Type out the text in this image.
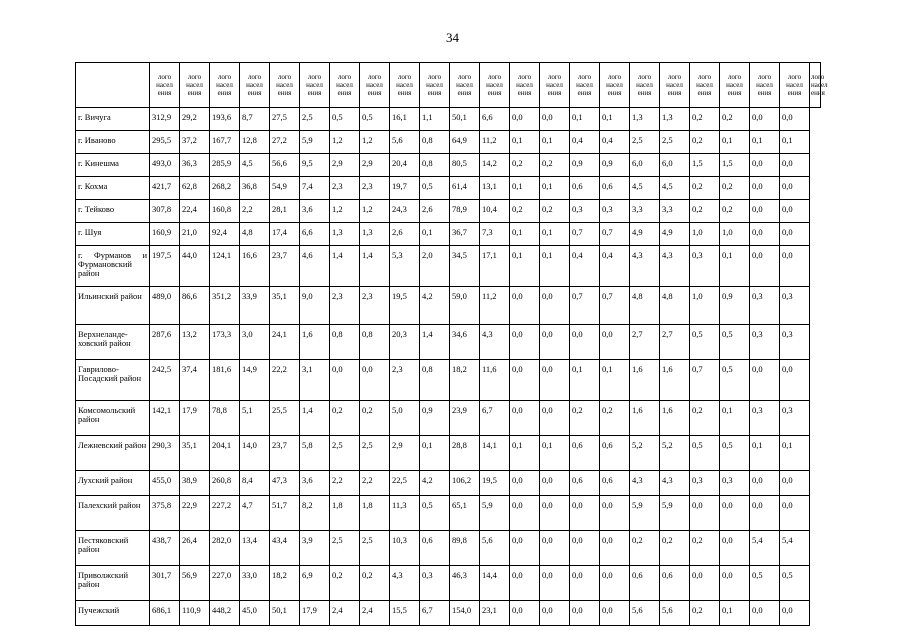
34
	лого насел ения	лого насел ения	лого насел ения	лого насел ения	лого насел ения	лого насел ения	лого насел ения	лого насел ения	лого насел ения	лого насел ения	лого насел ения	лого насел ения	лого насел ения	лого насел ения	лого насел ения	лого насел ения	лого насел ения	лого насел ения	лого насел ения	лого насел ения	лого насел ения	лого насел ения	лого насел ения
г. Вичуга	312,9	29,2	193,6	8,7	27,5	2,5	0,5	0,5	16,1	1,1	50,1	6,6	0,0	0,0	0,1	0,1	1,3	1,3	0,2	0,2	0,0	0,0	
г. Иваново	295,5	37,2	167,7	12,8	27,2	5,9	1,2	1,2	5,6	0,8	64,9	11,2	0,1	0,1	0,4	0,4	2,5	2,5	0,2	0,1	0,1	0,1	
г. Кинешма	493,0	36,3	285,9	4,5	56,6	9,5	2,9	2,9	20,4	0,8	80,5	14,2	0,2	0,2	0,9	0,9	6,0	6,0	1,5	1,5	0,0	0,0	
г. Кохма	421,7	62,8	268,2	36,8	54,9	7,4	2,3	2,3	19,7	0,5	61,4	13,1	0,1	0,1	0,6	0,6	4,5	4,5	0,2	0,2	0,0	0,0	
г. Тейково	307,8	22,4	160,8	2,2	28,1	3,6	1,2	1,2	24,3	2,6	78,9	10,4	0,2	0,2	0,3	0,3	3,3	3,3	0,2	0,2	0,0	0,0	
г. Шуя	160,9	21,0	92,4	4,8	17,4	6,6	1,3	1,3	2,6	0,1	36,7	7,3	0,1	0,1	0,7	0,7	4,9	4,9	1,0	1,0	0,0	0,0	
г. Фурманов и Фурмановский район	197,5	44,0	124,1	16,6	23,7	4,6	1,4	1,4	5,3	2,0	34,5	17,1	0,1	0,1	0,4	0,4	4,3	4,3	0,3	0,1	0,0	0,0	
Ильинский район	489,0	86,6	351,2	33,9	35,1	9,0	2,3	2,3	19,5	4,2	59,0	11,2	0,0	0,0	0,7	0,7	4,8	4,8	1,0	0,9	0,3	0,3	
Верхнеланде-ховский район	287,6	13,2	173,3	3,0	24,1	1,6	0,8	0,8	20,3	1,4	34,6	4,3	0,0	0,0	0,0	0,0	2,7	2,7	0,5	0,5	0,3	0,3	
Гаврилово-Посадский район	242,5	37,4	181,6	14,9	22,2	3,1	0,0	0,0	2,3	0,8	18,2	11,6	0,0	0,0	0,1	0,1	1,6	1,6	0,7	0,5	0,0	0,0	
Комсомольский район	142,1	17,9	78,8	5,1	25,5	1,4	0,2	0,2	5,0	0,9	23,9	6,7	0,0	0,0	0,2	0,2	1,6	1,6	0,2	0,1	0,3	0,3	
Лежневский район	290,3	35,1	204,1	14,0	23,7	5,8	2,5	2,5	2,9	0,1	28,8	14,1	0,1	0,1	0,6	0,6	5,2	5,2	0,5	0,5	0,1	0,1	
Лухский район	455,0	38,9	260,8	8,4	47,3	3,6	2,2	2,2	22,5	4,2	106,2	19,5	0,0	0,0	0,6	0,6	4,3	4,3	0,3	0,3	0,0	0,0	
Палехский район	375,8	22,9	227,2	4,7	51,7	8,2	1,8	1,8	11,3	0,5	65,1	5,9	0,0	0,0	0,0	0,0	5,9	5,9	0,0	0,0	0,0	0,0	
Пестяковский район	438,7	26,4	282,0	13,4	43,4	3,9	2,5	2,5	10,3	0,6	89,8	5,6	0,0	0,0	0,0	0,0	0,2	0,2	0,2	0,0	5,4	5,4	
Приволжский район	301,7	56,9	227,0	33,0	18,2	6,9	0,2	0,2	4,3	0,3	46,3	14,4	0,0	0,0	0,0	0,0	0,6	0,6	0,0	0,0	0,5	0,5	
Пучежский	686,1	110,9	448,2	45,0	50,1	17,9	2,4	2,4	15,5	6,7	154,0	23,1	0,0	0,0	0,0	0,0	5,6	5,6	0,2	0,1	0,0	0,0	
